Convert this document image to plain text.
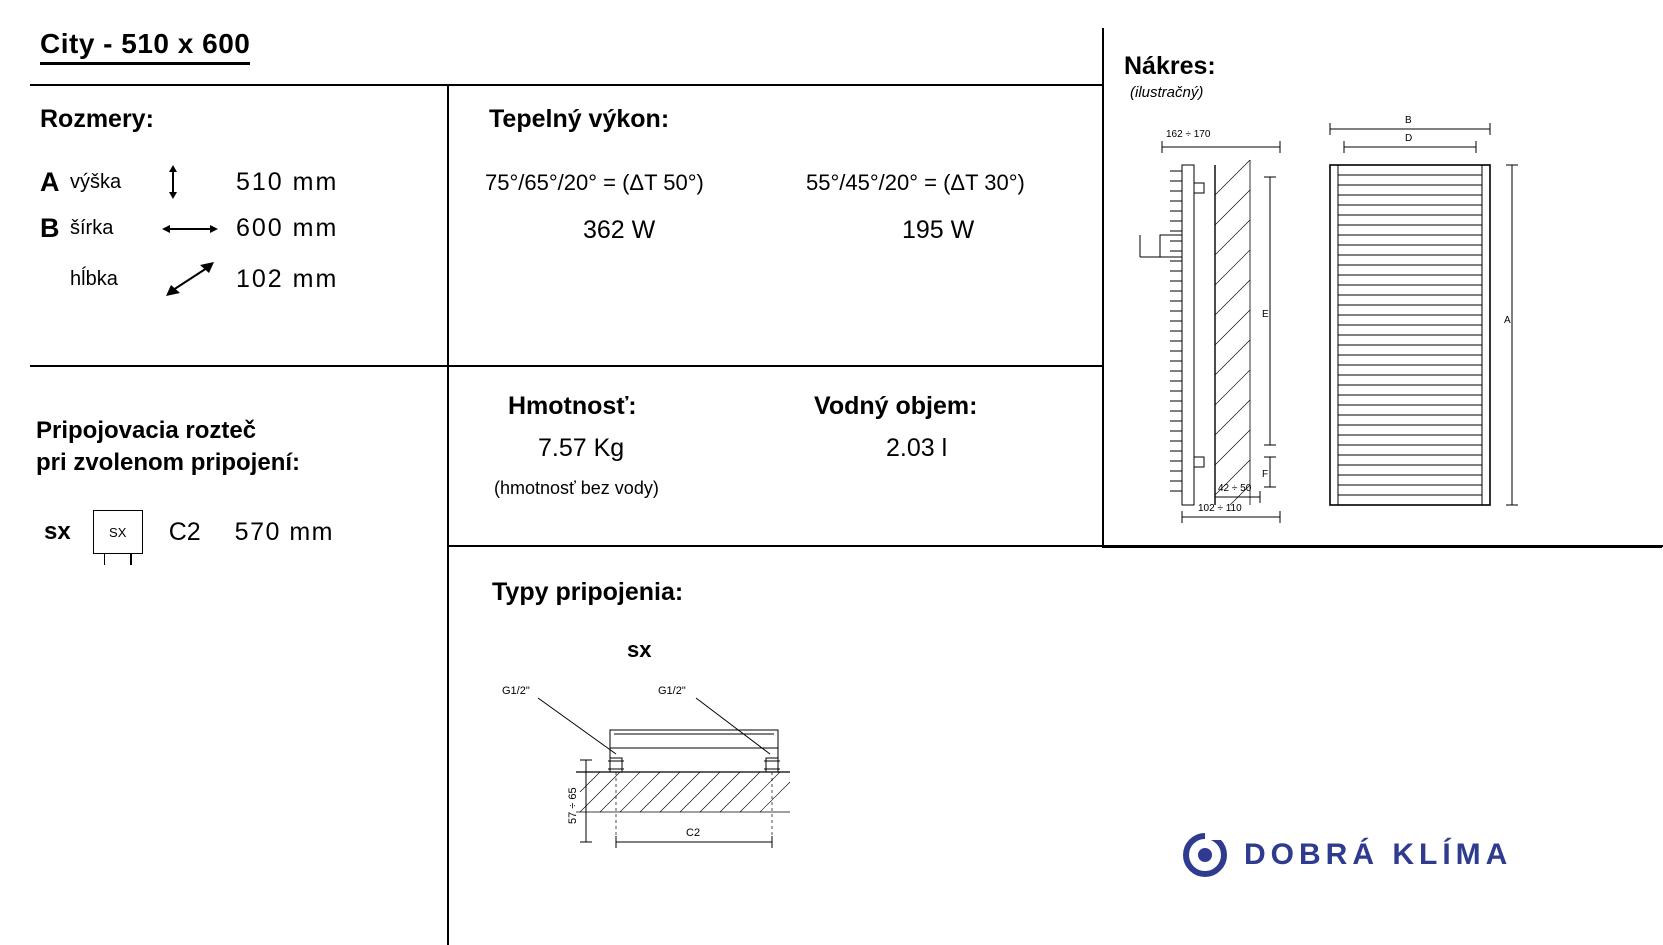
City - 510 x 600
Rozmery:
A výška	510 mm
B šírka	600 mm
hĺbka	102 mm
Tepelný výkon:
75°/65°/20° = (ΔT 50°)	55°/45°/20° = (ΔT 30°)
362 W	195 W
Pripojovacia rozteč
pri zvolenom pripojení:
sx	SX C2 570 mm
Hmotnosť:
7.57 Kg
(hmotnosť bez vody)
Vodný objem:
2.03 l
Nákres:
(ilustračný)
162 ÷ 170
E
F
42 ÷ 50
102 ÷ 110
B
D
A
Typy pripojenia:
sx
G1/2"	G1/2"
57 ÷ 65
C2
DOBRÁ KLÍMA
